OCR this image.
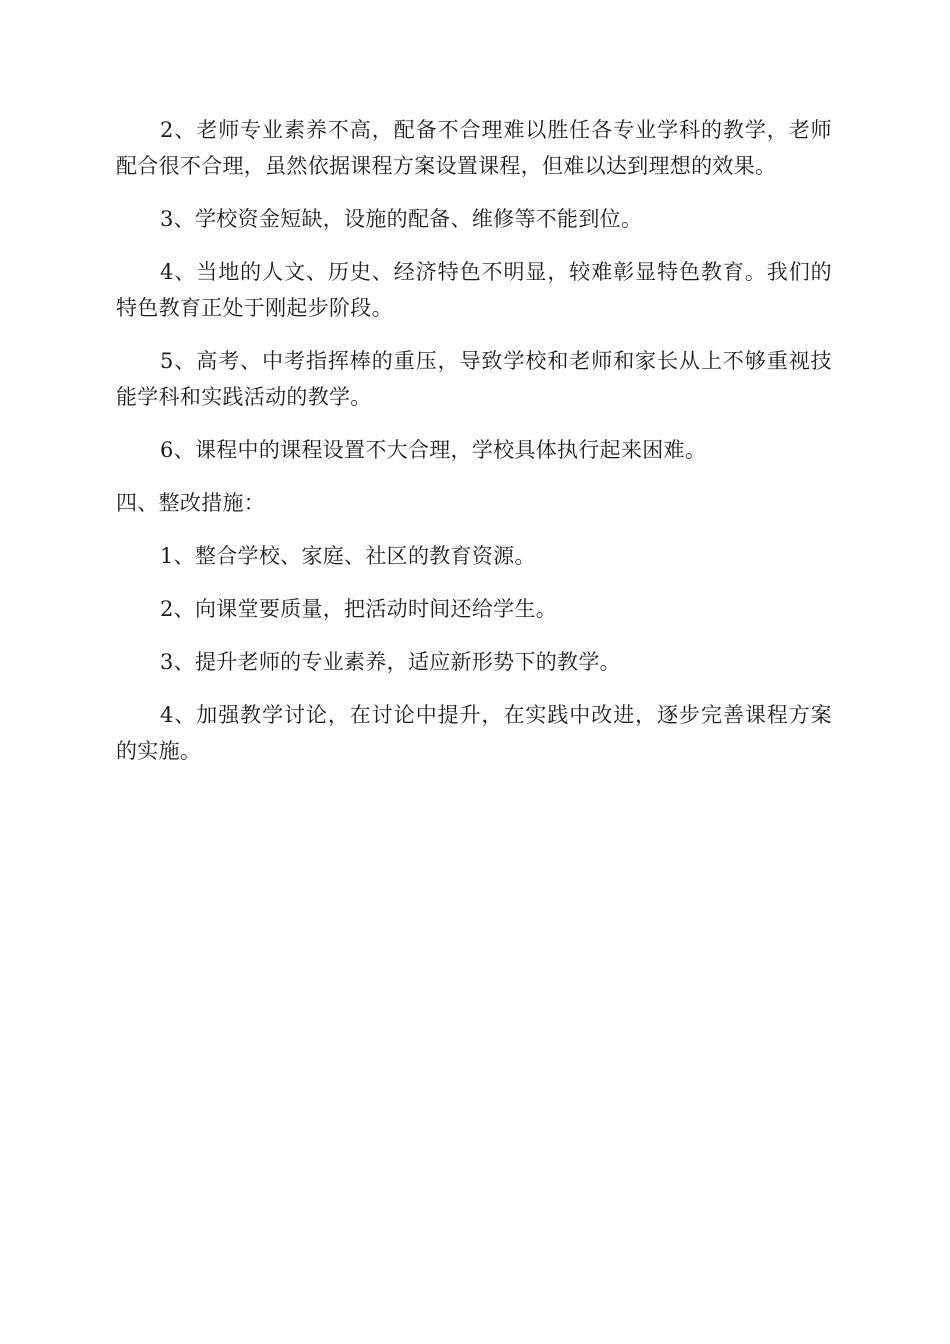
2、老师专业素养不高，配备不合理难以胜任各专业学科的教学，老师配合很不合理，虽然依据课程方案设置课程，但难以达到理想的效果。

3、学校资金短缺，设施的配备、维修等不能到位。

4、当地的人文、历史、经济特色不明显，较难彰显特色教育。我们的特色教育正处于刚起步阶段。

5、高考、中考指挥棒的重压，导致学校和老师和家长从上不够重视技能学科和实践活动的教学。

6、课程中的课程设置不大合理，学校具体执行起来困难。

四、整改措施：

1、整合学校、家庭、社区的教育资源。

2、向课堂要质量，把活动时间还给学生。

3、提升老师的专业素养，适应新形势下的教学。

4、加强教学讨论，在讨论中提升，在实践中改进，逐步完善课程方案的实施。
